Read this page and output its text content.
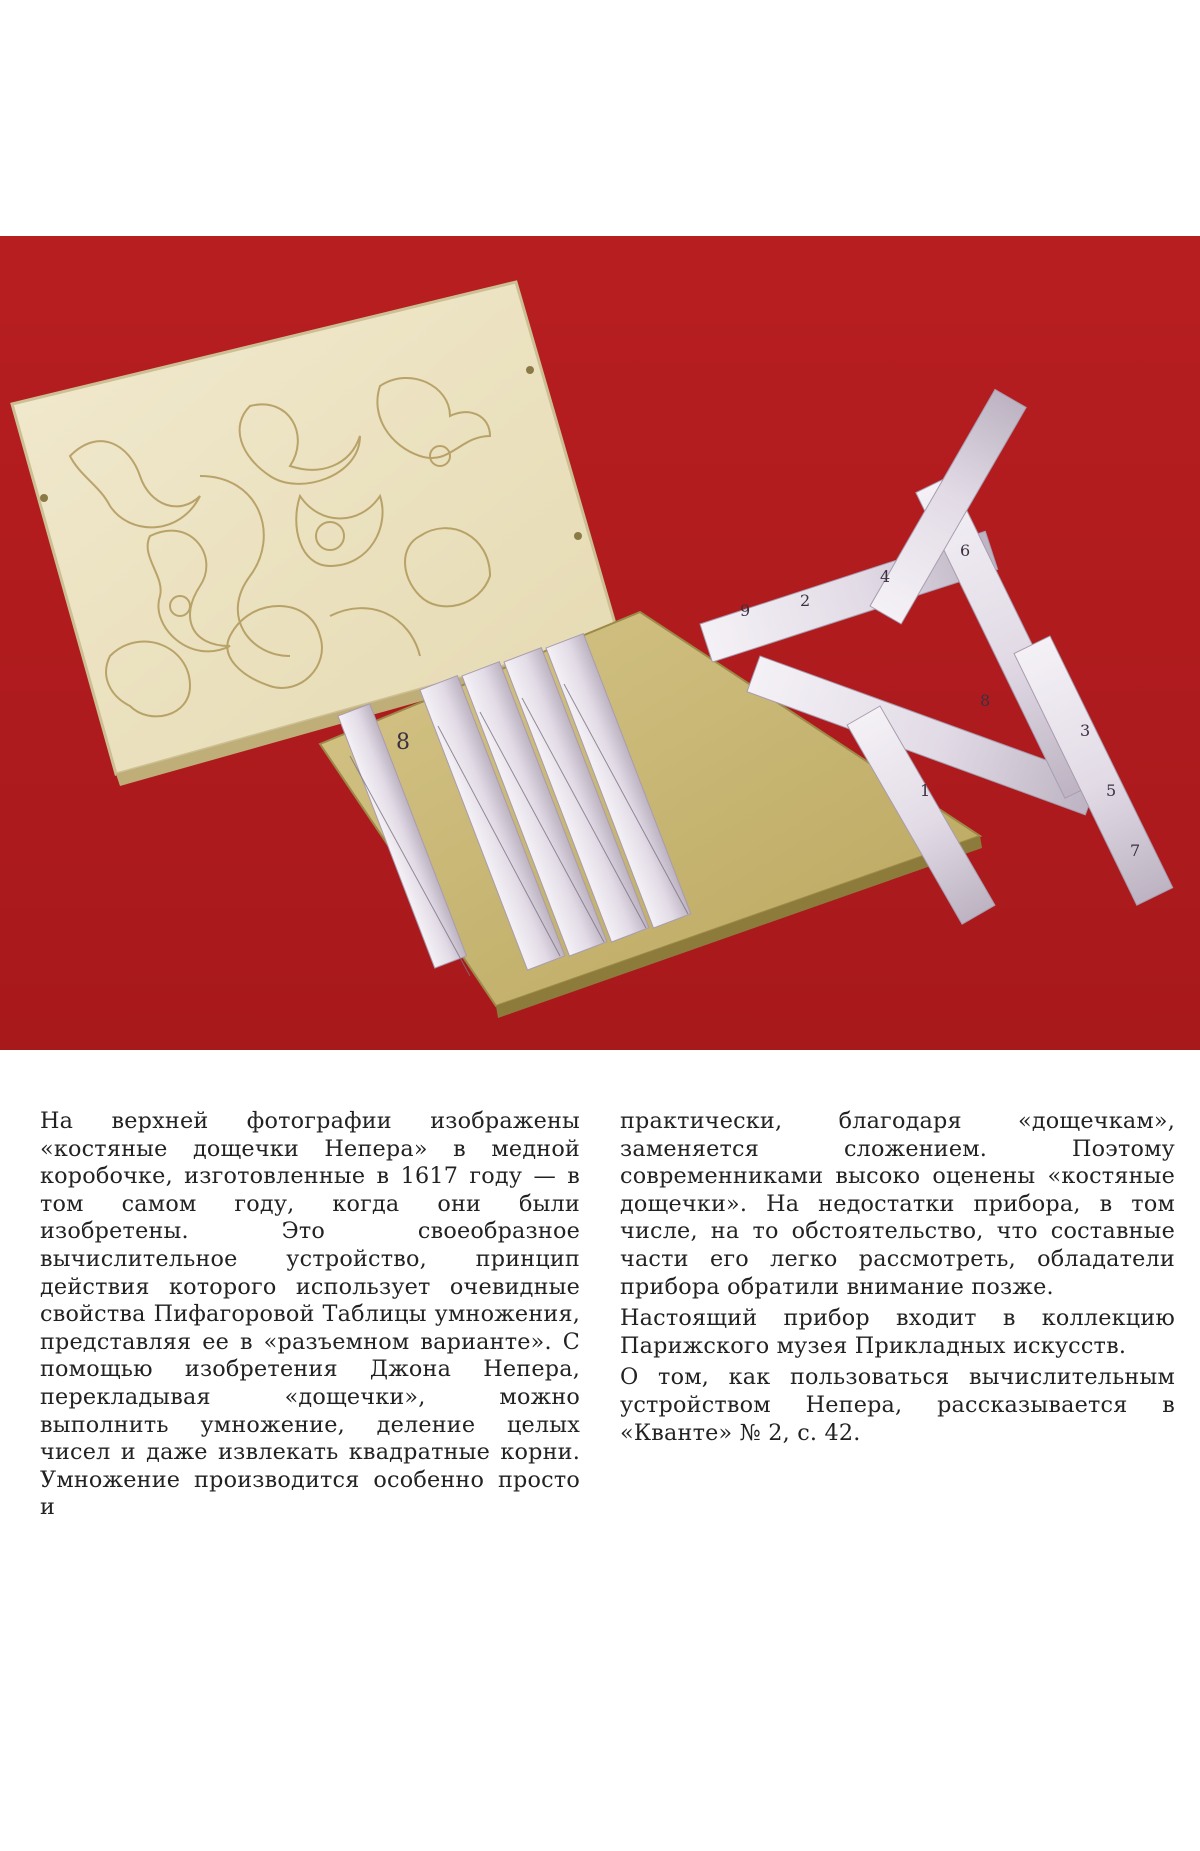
8
9
2
4
6
8
3
5
7
1

На верхней фотографии изображены «костяные дощечки Непера» в медной коробочке, изготовленные в 1617 году — в том самом году, когда они были изобретены. Это своеобразное вычислительное устройство, принцип действия которого использует очевидные свойства Пифагоровой Таблицы умножения, представляя ее в «разъемном варианте». С помощью изобретения Джона Непера, перекладывая «дощечки», можно выполнить умножение, деление целых чисел и даже извлекать квадратные корни. Умножение производится особенно просто и

практически, благодаря «дощечкам», заменяется сложением. Поэтому современниками высоко оценены «костяные дощечки». На недостатки прибора, в том числе, на то обстоятельство, что составные части его легко рассмотреть, обладатели прибора обратили внимание позже.

Настоящий прибор входит в коллекцию Парижского музея Прикладных искусств.

О том, как пользоваться вычислительным устройством Непера, рассказывается в «Кванте» № 2, с. 42.
